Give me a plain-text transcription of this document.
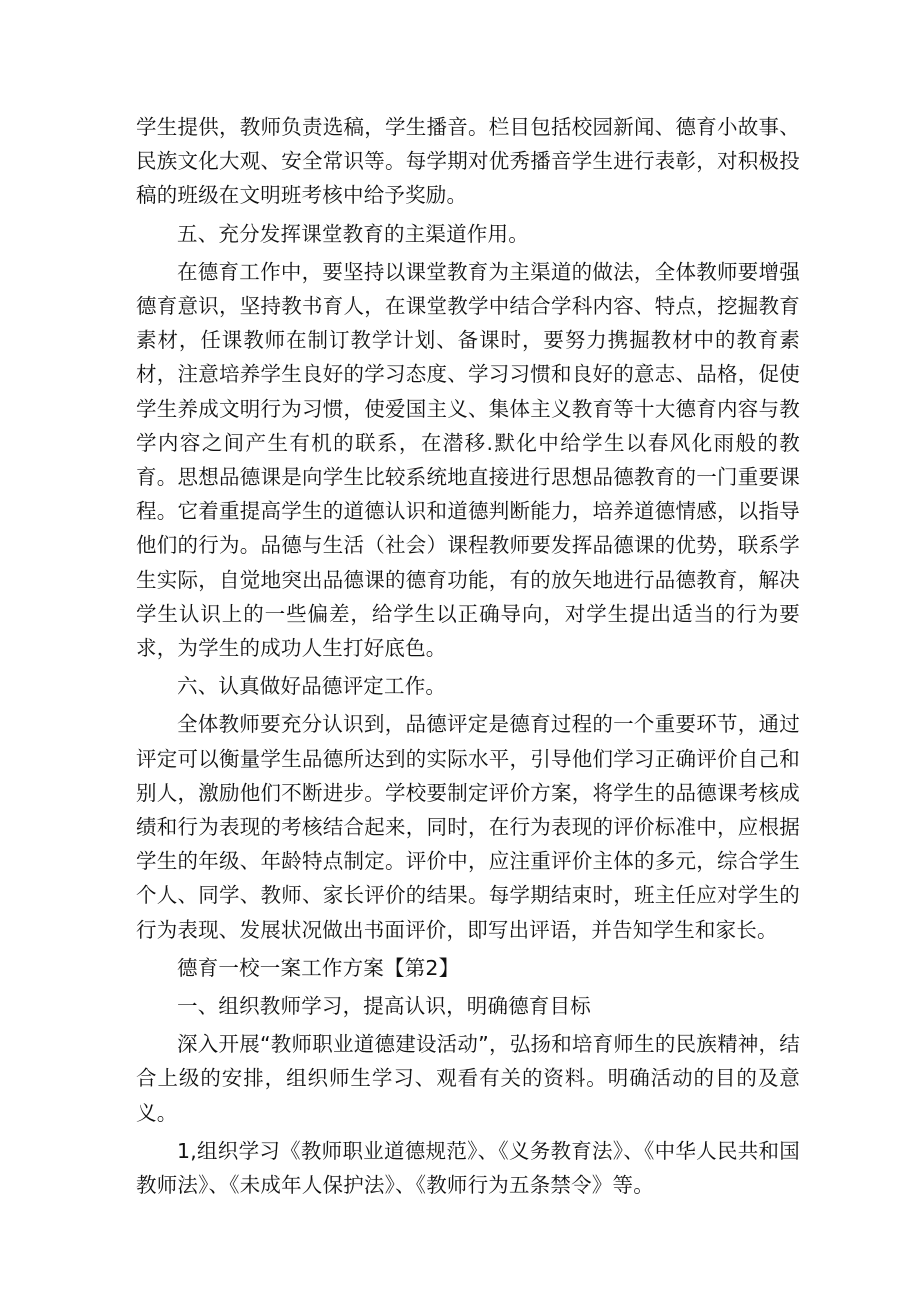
学生提供，教师负责选稿，学生播音。栏目包括校园新闻、德育小故事、民族文化大观、安全常识等。每学期对优秀播音学生进行表彰，对积极投稿的班级在文明班考核中给予奖励。

五、充分发挥课堂教育的主渠道作用。

在德育工作中，要坚持以课堂教育为主渠道的做法，全体教师要增强德育意识，坚持教书育人，在课堂教学中结合学科内容、特点，挖掘教育素材，任课教师在制订教学计划、备课时，要努力携掘教材中的教育素材，注意培养学生良好的学习态度、学习习惯和良好的意志、品格，促使学生养成文明行为习惯，使爱国主义、集体主义教育等十大德育内容与教学内容之间产生有机的联系，在潜移.默化中给学生以春风化雨般的教育。思想品德课是向学生比较系统地直接进行思想品德教育的一门重要课程。它着重提高学生的道德认识和道德判断能力，培养道德情感，以指导他们的行为。品德与生活（社会）课程教师要发挥品德课的优势，联系学生实际，自觉地突出品德课的德育功能，有的放矢地进行品德教育，解决学生认识上的一些偏差，给学生以正确导向，对学生提出适当的行为要求，为学生的成功人生打好底色。

六、认真做好品德评定工作。

全体教师要充分认识到，品德评定是德育过程的一个重要环节，通过评定可以衡量学生品德所达到的实际水平，引导他们学习正确评价自己和别人，激励他们不断进步。学校要制定评价方案，将学生的品德课考核成绩和行为表现的考核结合起来，同时，在行为表现的评价标准中，应根据学生的年级、年龄特点制定。评价中，应注重评价主体的多元，综合学生个人、同学、教师、家长评价的结果。每学期结束时，班主任应对学生的行为表现、发展状况做出书面评价，即写出评语，并告知学生和家长。

德育一校一案工作方案【第2】

一、组织教师学习，提高认识，明确德育目标

深入开展“教师职业道德建设活动”，弘扬和培育师生的民族精神，结合上级的安排，组织师生学习、观看有关的资料。明确活动的目的及意义。

1,组织学习《教师职业道德规范》、《义务教育法》、《中华人民共和国教师法》、《未成年人保护法》、《教师行为五条禁令》等。
